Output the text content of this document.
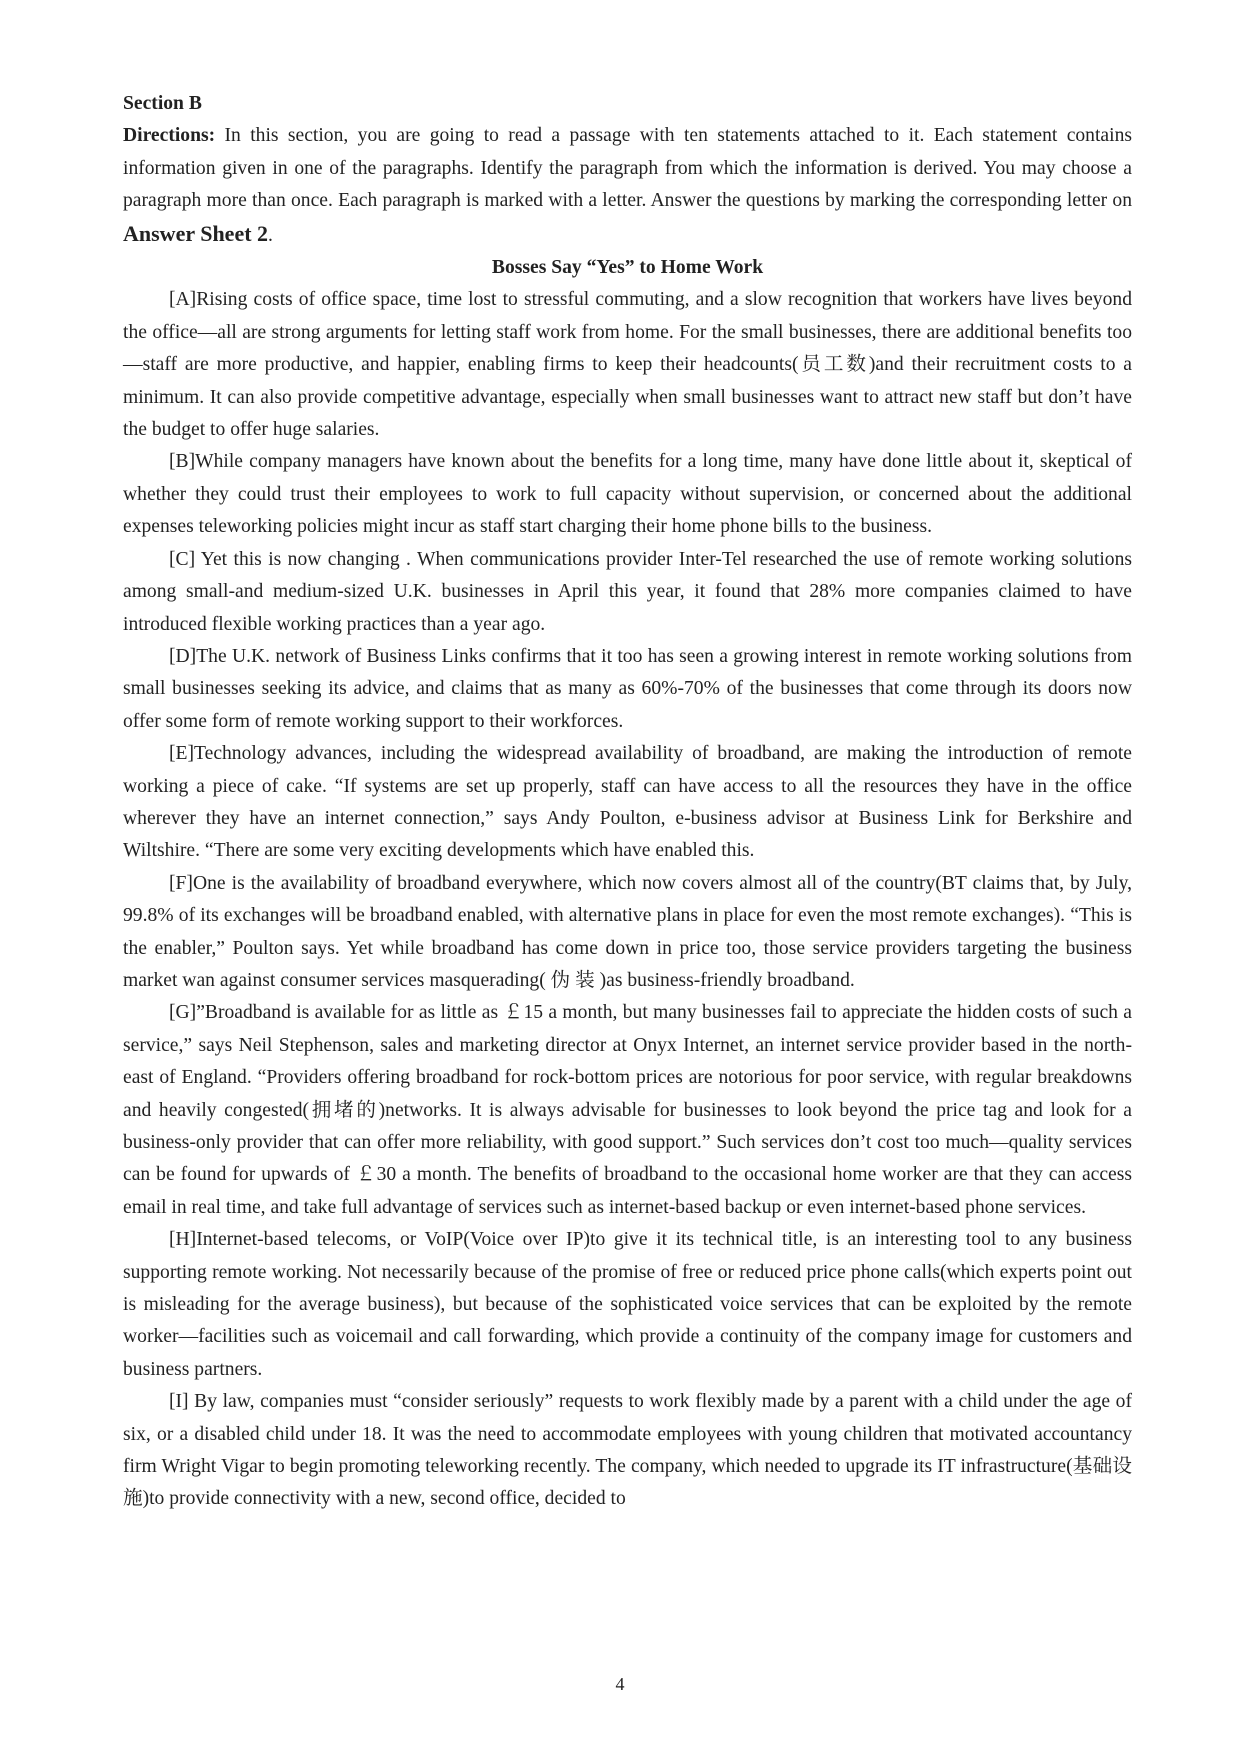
Section B

Directions: In this section, you are going to read a passage with ten statements attached to it. Each statement contains information given in one of the paragraphs. Identify the paragraph from which the information is derived. You may choose a paragraph more than once. Each paragraph is marked with a letter. Answer the questions by marking the corresponding letter on Answer Sheet 2.

Bosses Say “Yes” to Home Work

[A]Rising costs of office space, time lost to stressful commuting, and a slow recognition that workers have lives beyond the office—all are strong arguments for letting staff work from home. For the small businesses, there are additional benefits too—staff are more productive, and happier, enabling firms to keep their headcounts(员工数)and their recruitment costs to a minimum. It can also provide competitive advantage, especially when small businesses want to attract new staff but don’t have the budget to offer huge salaries.

[B]While company managers have known about the benefits for a long time, many have done little about it, skeptical of whether they could trust their employees to work to full capacity without supervision, or concerned about the additional expenses teleworking policies might incur as staff start charging their home phone bills to the business.

[C] Yet this is now changing . When communications provider Inter-Tel researched the use of remote working solutions among small-and medium-sized U.K. businesses in April this year, it found that 28% more companies claimed to have introduced flexible working practices than a year ago.

[D]The U.K. network of Business Links confirms that it too has seen a growing interest in remote working solutions from small businesses seeking its advice, and claims that as many as 60%-70% of the businesses that come through its doors now offer some form of remote working support to their workforces.

[E]Technology advances, including the widespread availability of broadband, are making the introduction of remote working a piece of cake. “If systems are set up properly, staff can have access to all the resources they have in the office wherever they have an internet connection,” says Andy Poulton, e-business advisor at Business Link for Berkshire and Wiltshire. “There are some very exciting developments which have enabled this.

[F]One is the availability of broadband everywhere, which now covers almost all of the country(BT claims that, by July, 99.8% of its exchanges will be broadband enabled, with alternative plans in place for even the most remote exchanges). “This is the enabler,” Poulton says. Yet while broadband has come down in price too, those service providers targeting the business market wan against consumer services masquerading( 伪 装 )as business-friendly broadband.

[G]”Broadband is available for as little as ￡15 a month, but many businesses fail to appreciate the hidden costs of such a service,” says Neil Stephenson, sales and marketing director at Onyx Internet, an internet service provider based in the north-east of England. “Providers offering broadband for rock-bottom prices are notorious for poor service, with regular breakdowns and heavily congested(拥堵的)networks. It is always advisable for businesses to look beyond the price tag and look for a business-only provider that can offer more reliability, with good support.” Such services don’t cost too much—quality services can be found for upwards of ￡30 a month. The benefits of broadband to the occasional home worker are that they can access email in real time, and take full advantage of services such as internet-based backup or even internet-based phone services.

[H]Internet-based telecoms, or VoIP(Voice over IP)to give it its technical title, is an interesting tool to any business supporting remote working. Not necessarily because of the promise of free or reduced price phone calls(which experts point out is misleading for the average business), but because of the sophisticated voice services that can be exploited by the remote worker—facilities such as voicemail and call forwarding, which provide a continuity of the company image for customers and business partners.

[I] By law, companies must “consider seriously” requests to work flexibly made by a parent with a child under the age of six, or a disabled child under 18. It was the need to accommodate employees with young children that motivated accountancy firm Wright Vigar to begin promoting teleworking recently. The company, which needed to upgrade its IT infrastructure(基础设施)to provide connectivity with a new, second office, decided to

4
